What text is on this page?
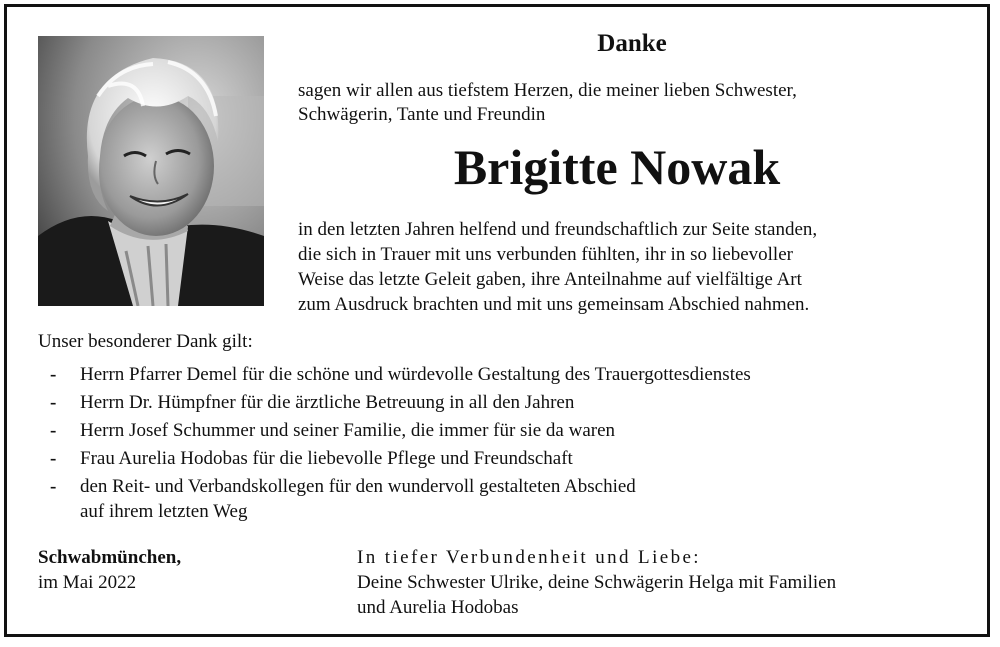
Danke
sagen wir allen aus tiefstem Herzen, die meiner lieben Schwester,
Schwägerin, Tante und Freundin
Brigitte Nowak
in den letzten Jahren helfend und freundschaftlich zur Seite standen,
die sich in Trauer mit uns verbunden fühlten, ihr in so liebevoller
Weise das letzte Geleit gaben, ihre Anteilnahme auf vielfältige Art
zum Ausdruck brachten und mit uns gemeinsam Abschied nahmen.
Unser besonderer Dank gilt:
- Herrn Pfarrer Demel für die schöne und würdevolle Gestaltung des Trauergottesdienstes
- Herrn Dr. Hümpfner für die ärztliche Betreuung in all den Jahren
- Herrn Josef Schummer und seiner Familie, die immer für sie da waren
- Frau Aurelia Hodobas für die liebevolle Pflege und Freundschaft
- den Reit- und Verbandskollegen für den wundervoll gestalteten Abschied
auf ihrem letzten Weg
Schwabmünchen,
im Mai 2022
In tiefer Verbundenheit und Liebe:
Deine Schwester Ulrike, deine Schwägerin Helga mit Familien
und Aurelia Hodobas
